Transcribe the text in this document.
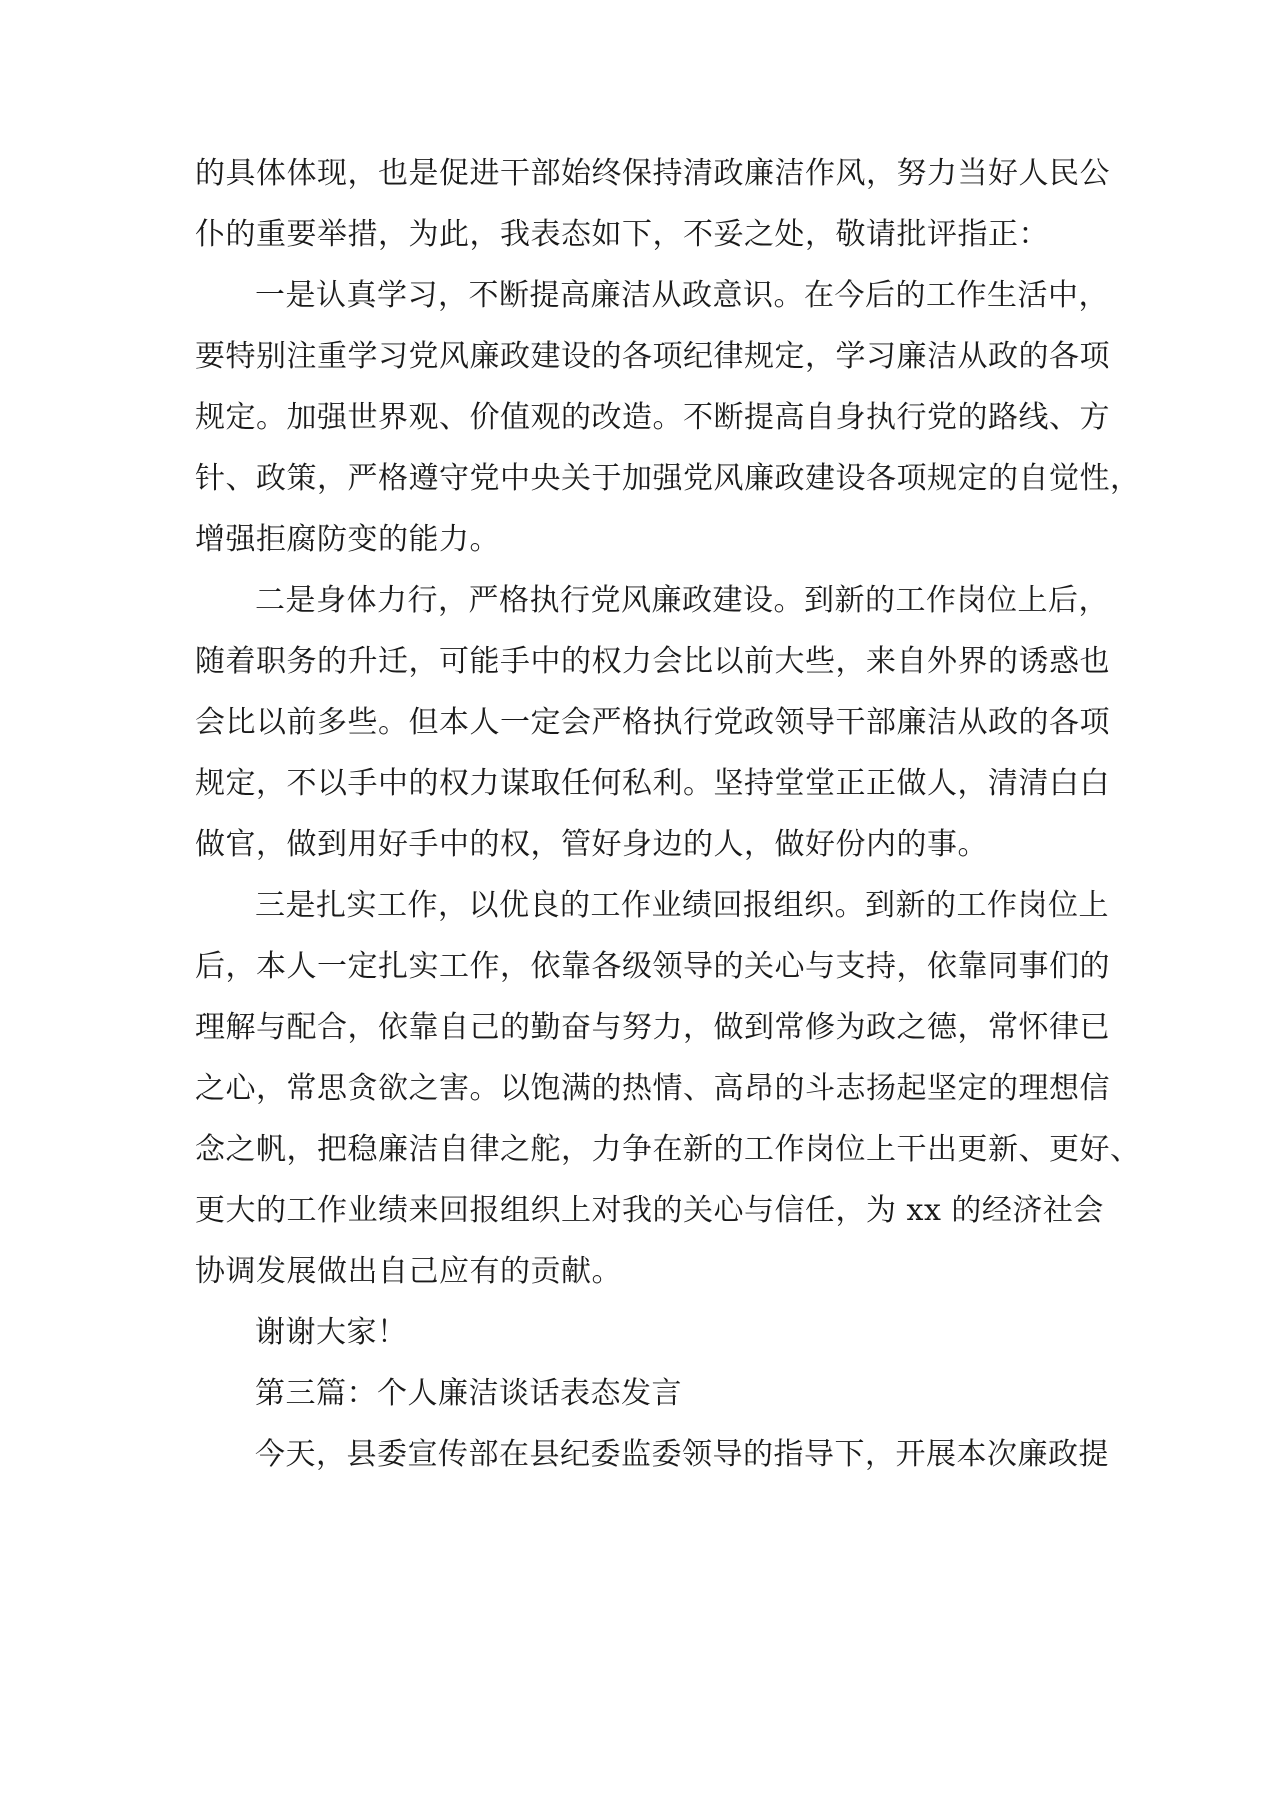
的具体体现，也是促进干部始终保持清政廉洁作风，努力当好人民公
仆的重要举措，为此，我表态如下，不妥之处，敬请批评指正：
一是认真学习，不断提高廉洁从政意识。在今后的工作生活中，
要特别注重学习党风廉政建设的各项纪律规定，学习廉洁从政的各项
规定。加强世界观、价值观的改造。不断提高自身执行党的路线、方
针、政策，严格遵守党中央关于加强党风廉政建设各项规定的自觉性，
增强拒腐防变的能力。
二是身体力行，严格执行党风廉政建设。到新的工作岗位上后，
随着职务的升迁，可能手中的权力会比以前大些，来自外界的诱惑也
会比以前多些。但本人一定会严格执行党政领导干部廉洁从政的各项
规定，不以手中的权力谋取任何私利。坚持堂堂正正做人，清清白白
做官，做到用好手中的权，管好身边的人，做好份内的事。
三是扎实工作，以优良的工作业绩回报组织。到新的工作岗位上
后，本人一定扎实工作，依靠各级领导的关心与支持，依靠同事们的
理解与配合，依靠自己的勤奋与努力，做到常修为政之德，常怀律已
之心，常思贪欲之害。以饱满的热情、高昂的斗志扬起坚定的理想信
念之帆，把稳廉洁自律之舵，力争在新的工作岗位上干出更新、更好、
更大的工作业绩来回报组织上对我的关心与信任，为 xx 的经济社会
协调发展做出自己应有的贡献。
谢谢大家！
第三篇：个人廉洁谈话表态发言
今天，县委宣传部在县纪委监委领导的指导下，开展本次廉政提
